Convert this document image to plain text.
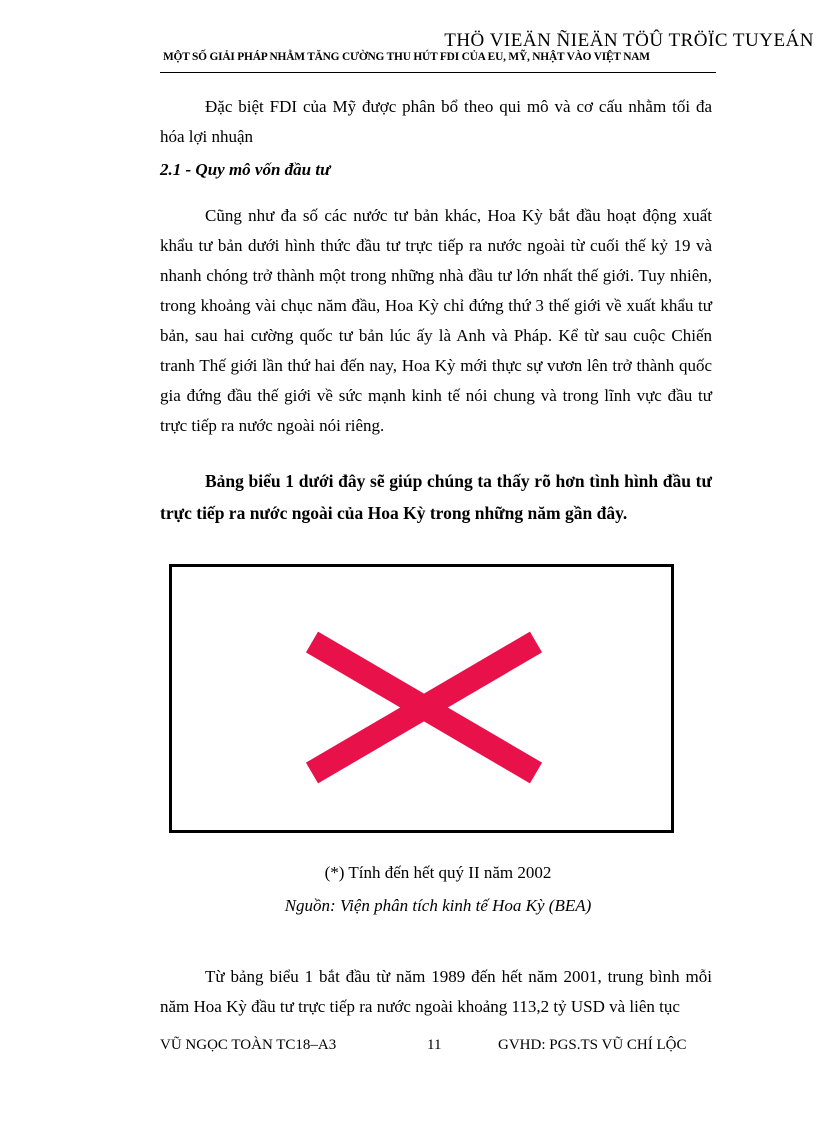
THÖ VIEÄN ÑIEÄN TÖÛ TRÖÏC TUYEÁN
MỘT SỐ GIẢI PHÁP NHẰM TĂNG CƯỜNG THU HÚT FDI CỦA EU, MỸ, NHẬT VÀO VIỆT NAM

Đặc biệt FDI của Mỹ được phân bổ theo qui mô và cơ cấu nhằm tối đa hóa lợi nhuận

2.1 - Quy mô vốn đầu tư

Cũng như đa số các nước tư bản khác, Hoa Kỳ bắt đầu hoạt động xuất khẩu tư bản dưới hình thức đầu tư trực tiếp ra nước ngoài từ cuối thế kỷ 19 và nhanh chóng trở thành một trong những nhà đầu tư lớn nhất thế giới. Tuy nhiên, trong khoảng vài chục năm đầu, Hoa Kỳ chỉ đứng thứ 3 thế giới về xuất khẩu tư bản, sau hai cường quốc tư bản lúc ấy là Anh và Pháp. Kể từ sau cuộc Chiến tranh Thế giới lần thứ hai đến nay, Hoa Kỳ mới thực sự vươn lên trở thành quốc gia đứng đầu thế giới về sức mạnh kinh tế nói chung và trong lĩnh vực đầu tư trực tiếp ra nước ngoài nói riêng.

Bảng biểu 1 dưới đây sẽ giúp chúng ta thấy rõ hơn tình hình đầu tư trực tiếp ra nước ngoài của Hoa Kỳ trong những năm gần đây.

(*) Tính đến hết quý II năm 2002

Nguồn: Viện phân tích kinh tế Hoa Kỳ (BEA)

Từ bảng biểu 1 bắt đầu từ năm 1989 đến hết năm 2001, trung bình mỗi năm Hoa Kỳ đầu tư trực tiếp ra nước ngoài khoảng 113,2 tỷ USD và liên tục

VŨ NGỌC TOÀN TC18–A3	11	GVHD: PGS.TS VŨ CHÍ LỘC
